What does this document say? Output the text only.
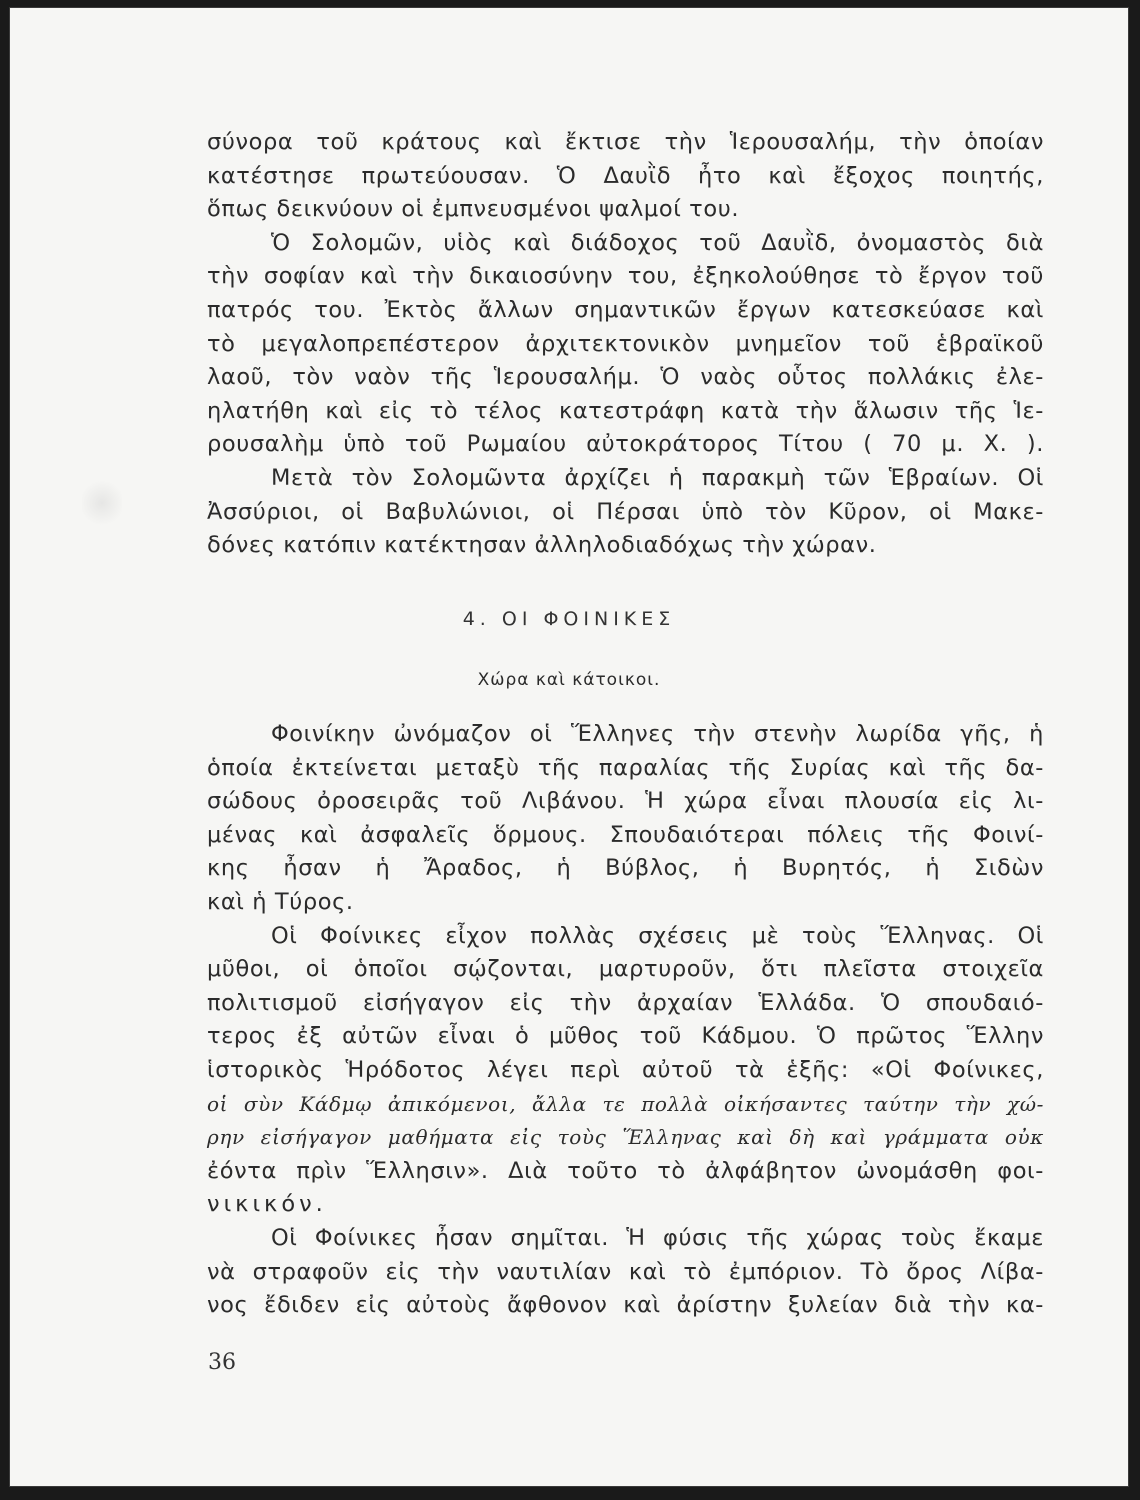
σύνορα τοῦ κράτους καὶ ἔκτισε τὴν Ἱερουσαλήμ, τὴν ὁποίαν
κατέστησε πρωτεύουσαν. Ὁ Δαυῒδ ἦτο καὶ ἔξοχος ποιητής,
ὅπως δεικνύουν οἱ ἐμπνευσμένοι ψαλμοί του.
Ὁ Σολομῶν, υἱὸς καὶ διάδοχος τοῦ Δαυῒδ, ὀνομαστὸς διὰ
τὴν σοφίαν καὶ τὴν δικαιοσύνην του, ἐξηκολούθησε τὸ ἔργον τοῦ
πατρός του. Ἐκτὸς ἄλλων σημαντικῶν ἔργων κατεσκεύασε καὶ
τὸ μεγαλοπρεπέστερον ἀρχιτεκτονικὸν μνημεῖον τοῦ ἑβραϊκοῦ
λαοῦ, τὸν ναὸν τῆς Ἱερουσαλήμ. Ὁ ναὸς οὗτος πολλάκις ἐλε-
ηλατήθη καὶ εἰς τὸ τέλος κατεστράφη κατὰ τὴν ἅλωσιν τῆς Ἱε-
ρουσαλὴμ ὑπὸ τοῦ Ρωμαίου αὐτοκράτορος Τίτου ( 70 μ. Χ. ).
Μετὰ τὸν Σολομῶντα ἀρχίζει ἡ παρακμὴ τῶν Ἑβραίων. Οἱ
Ἀσσύριοι, οἱ Βαβυλώνιοι, οἱ Πέρσαι ὑπὸ τὸν Κῦρον, οἱ Μακε-
δόνες κατόπιν κατέκτησαν ἀλληλοδιαδόχως τὴν χώραν.
4. ΟΙ ΦΟΙΝΙΚΕΣ
Χώρα καὶ κάτοικοι.
Φοινίκην ὠνόμαζον οἱ Ἕλληνες τὴν στενὴν λωρίδα γῆς, ἡ
ὁποία ἐκτείνεται μεταξὺ τῆς παραλίας τῆς Συρίας καὶ τῆς δα-
σώδους ὀροσειρᾶς τοῦ Λιβάνου. Ἡ χώρα εἶναι πλουσία εἰς λι-
μένας καὶ ἀσφαλεῖς ὅρμους. Σπουδαιότεραι πόλεις τῆς Φοινί-
κης ἦσαν ἡ Ἄραδος, ἡ Βύβλος, ἡ Βυρητός, ἡ Σιδὼν
καὶ ἡ Τύρος.
Οἱ Φοίνικες εἶχον πολλὰς σχέσεις μὲ τοὺς Ἕλληνας. Οἱ
μῦθοι, οἱ ὁποῖοι σῴζονται, μαρτυροῦν, ὅτι πλεῖστα στοιχεῖα
πολιτισμοῦ εἰσήγαγον εἰς τὴν ἀρχαίαν Ἑλλάδα. Ὁ σπουδαιό-
τερος ἐξ αὐτῶν εἶναι ὁ μῦθος τοῦ Κάδμου. Ὁ πρῶτος Ἕλλην
ἱστορικὸς Ἡρόδοτος λέγει περὶ αὐτοῦ τὰ ἑξῆς: «Οἱ Φοίνικες,
οἱ σὺν Κάδμῳ ἀπικόμενοι, ἄλλα τε πολλὰ οἰκήσαντες ταύτην τὴν χώ-
ρην εἰσήγαγον μαθήματα εἰς τοὺς Ἕλληνας καὶ δὴ καὶ γράμματα οὐκ
ἐόντα πρὶν Ἕλλησιν». Διὰ τοῦτο τὸ ἀλφάβητον ὠνομάσθη φοι-
νικικόν.
Οἱ Φοίνικες ἦσαν σημῖται. Ἡ φύσις τῆς χώρας τοὺς ἔκαμε
νὰ στραφοῦν εἰς τὴν ναυτιλίαν καὶ τὸ ἐμπόριον. Τὸ ὄρος Λίβα-
νος ἔδιδεν εἰς αὐτοὺς ἄφθονον καὶ ἀρίστην ξυλείαν διὰ τὴν κα-
36
